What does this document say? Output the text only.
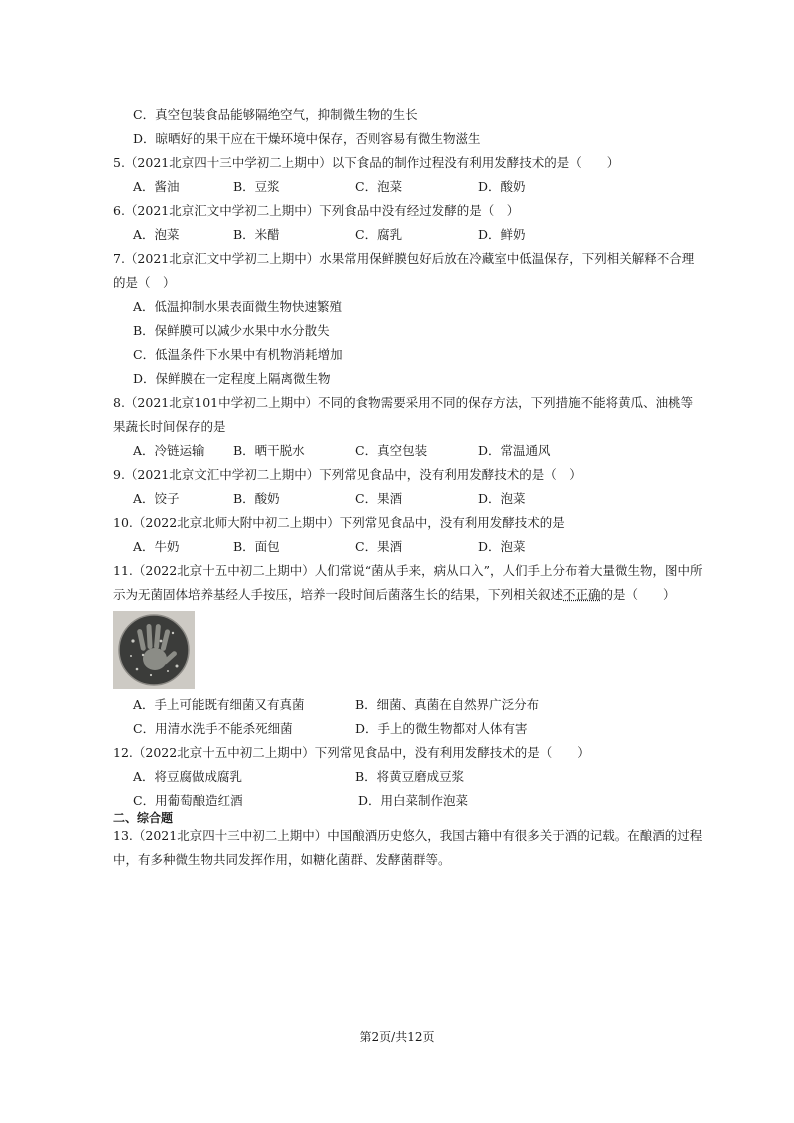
C．真空包装食品能够隔绝空气，抑制微生物的生长
D．晾晒好的果干应在干燥环境中保存，否则容易有微生物滋生
5.（2021北京四十三中学初二上期中）以下食品的制作过程没有利用发酵技术的是（　　）
A．酱油	B．豆浆	C．泡菜	D．酸奶
6.（2021北京汇文中学初二上期中）下列食品中没有经过发酵的是（　）
A．泡菜	B．米醋	C．腐乳	D．鲜奶
7.（2021北京汇文中学初二上期中）水果常用保鲜膜包好后放在冷藏室中低温保存，下列相关解释不合理
的是（　）
A．低温抑制水果表面微生物快速繁殖
B．保鲜膜可以减少水果中水分散失
C．低温条件下水果中有机物消耗增加
D．保鲜膜在一定程度上隔离微生物
8.（2021北京101中学初二上期中）不同的食物需要采用不同的保存方法，下列措施不能将黄瓜、油桃等
果蔬长时间保存的是
A．冷链运输 B．晒干脱水	C．真空包装	D．常温通风
9.（2021北京文汇中学初二上期中）下列常见食品中，没有利用发酵技术的是（　）
A．饺子	B．酸奶	C．果酒	D．泡菜
10.（2022北京北师大附中初二上期中）下列常见食品中，没有利用发酵技术的是
A．牛奶	B．面包	C．果酒	D．泡菜
11.（2022北京十五中初二上期中）人们常说“菌从手来，病从口入”，人们手上分布着大量微生物，图中所
示为无菌固体培养基经人手按压，培养一段时间后菌落生长的结果，下列相关叙述不正确的是（　　）
A．手上可能既有细菌又有真菌	B．细菌、真菌在自然界广泛分布
C．用清水洗手不能杀死细菌	D．手上的微生物都对人体有害
12.（2022北京十五中初二上期中）下列常见食品中，没有利用发酵技术的是（　　）
A．将豆腐做成腐乳	B．将黄豆磨成豆浆
C．用葡萄酿造红酒	D．用白菜制作泡菜
二、综合题
13.（2021北京四十三中初二上期中）中国酿酒历史悠久，我国古籍中有很多关于酒的记载。在酿酒的过程
中，有多种微生物共同发挥作用，如糖化菌群、发酵菌群等。
第2页/共12页
